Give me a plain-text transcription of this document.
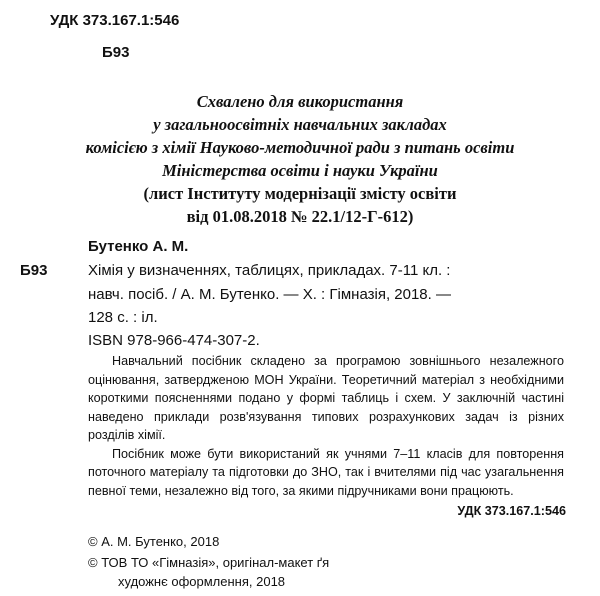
УДК 373.167.1:546
Б93
Схвалено для використання
у загальноосвітніх навчальних закладах
комісією з хімії Науково-методичної ради з питань освіти
Міністерства освіти і науки України
(лист Інституту модернізації змісту освіти
від 01.08.2018 № 22.1/12-Г-612)
Бутенко А. М.
Б93	Хімія у визначеннях, таблицях, прикладах. 7-11 кл. :
навч. посіб. / А. М. Бутенко. — Х. : Гімназія, 2018. —
128 с. : іл.
ISBN 978-966-474-307-2.

Навчальний посібник складено за програмою зовнішнього незалежного оцінювання, затвердженою МОН України. Теоретичний матеріал з необхідними короткими поясненнями подано у формі таблиць і схем. У заключній частині наведено приклади розв'язування типових розрахункових задач із різних розділів хімії.

Посібник може бути використаний як учнями 7–11 класів для повторення поточного матеріалу та підготовки до ЗНО, так і вчителями під час узагальнення певної теми, незалежно від того, за якими підручниками вони працюють.

УДК 373.167.1:546
© А. М. Бутенко, 2018
© ТОВ ТО «Гімназія», оригінал-макет ґя
художнє оформлення, 2018
